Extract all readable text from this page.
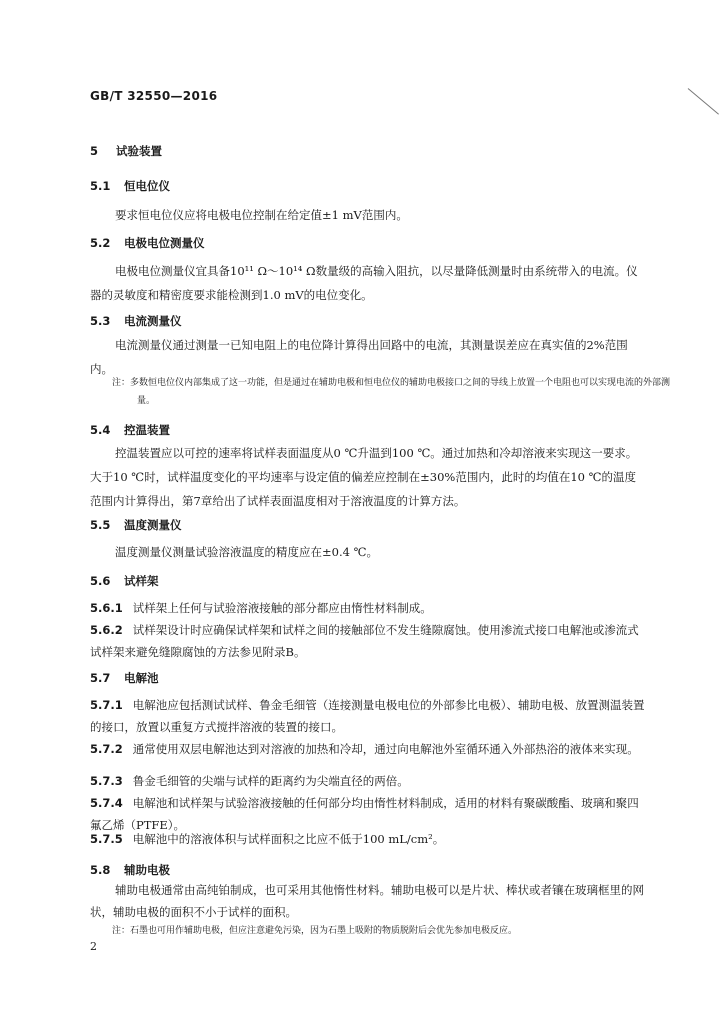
GB/T 32550—2016
5 试验装置
5.1 恒电位仪
要求恒电位仪应将电极电位控制在给定值±1 mV范围内。
5.2 电极电位测量仪
电极电位测量仪宜具备10¹¹ Ω～10¹⁴ Ω数量级的高输入阻抗，以尽量降低测量时由系统带入的电流。仪器的灵敏度和精密度要求能检测到1.0 mV的电位变化。
5.3 电流测量仪
电流测量仪通过测量一已知电阻上的电位降计算得出回路中的电流，其测量误差应在真实值的2%范围内。
注：多数恒电位仪内部集成了这一功能，但是通过在辅助电极和恒电位仪的辅助电极接口之间的导线上放置一个电阻也可以实现电流的外部测量。
5.4 控温装置
控温装置应以可控的速率将试样表面温度从0 ℃升温到100 ℃。通过加热和冷却溶液来实现这一要求。大于10 ℃时，试样温度变化的平均速率与设定值的偏差应控制在±30%范围内，此时的均值在10 ℃的温度范围内计算得出，第7章给出了试样表面温度相对于溶液温度的计算方法。
5.5 温度测量仪
温度测量仪测量试验溶液温度的精度应在±0.4 ℃。
5.6 试样架
5.6.1 试样架上任何与试验溶液接触的部分都应由惰性材料制成。
5.6.2 试样架设计时应确保试样架和试样之间的接触部位不发生缝隙腐蚀。使用渗流式接口电解池或渗流式试样架来避免缝隙腐蚀的方法参见附录B。
5.7 电解池
5.7.1 电解池应包括测试试样、鲁金毛细管（连接测量电极电位的外部参比电极）、辅助电极、放置测温装置的接口，放置以重复方式搅拌溶液的装置的接口。
5.7.2 通常使用双层电解池达到对溶液的加热和冷却，通过向电解池外室循环通入外部热浴的液体来实现。
5.7.3 鲁金毛细管的尖端与试样的距离约为尖端直径的两倍。
5.7.4 电解池和试样架与试验溶液接触的任何部分均由惰性材料制成，适用的材料有聚碳酸酯、玻璃和聚四氟乙烯（PTFE）。
5.7.5 电解池中的溶液体积与试样面积之比应不低于100 mL/cm²。
5.8 辅助电极
辅助电极通常由高纯铂制成，也可采用其他惰性材料。辅助电极可以是片状、棒状或者镶在玻璃框里的网状，辅助电极的面积不小于试样的面积。
注：石墨也可用作辅助电极，但应注意避免污染，因为石墨上吸附的物质脱附后会优先参加电极反应。
2
